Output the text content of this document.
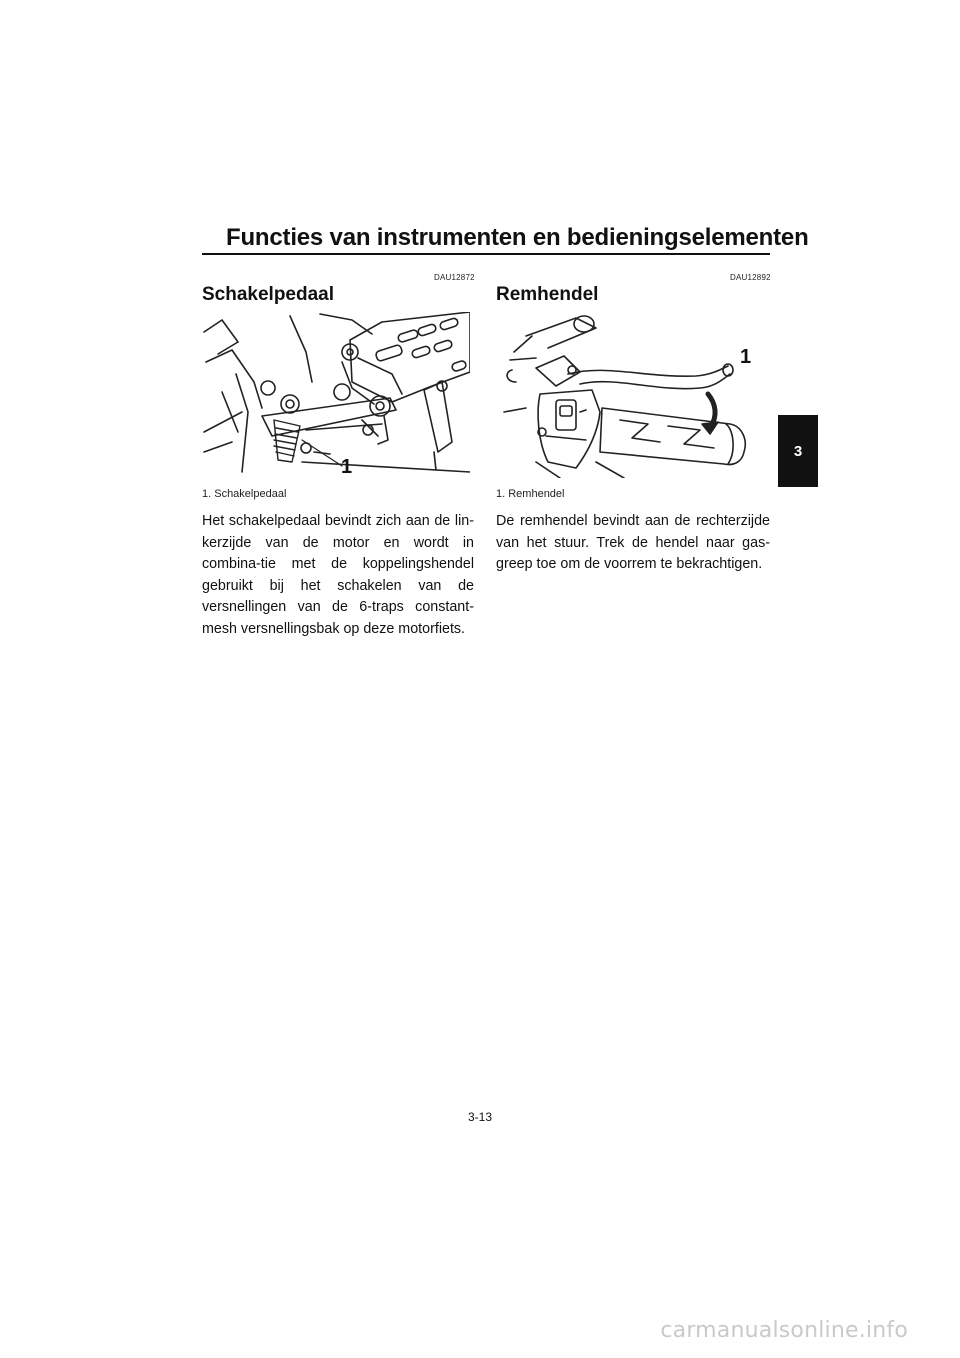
Functies van instrumenten en bedieningselementen
DAU12872
Schakelpedaal
1
1. Schakelpedaal
Het schakelpedaal bevindt zich aan de lin-kerzijde van de motor en wordt in combina-tie met de koppelingshendel gebruikt bij het schakelen van de versnellingen van de 6-traps constant-mesh versnellingsbak op deze motorfiets.
DAU12892
Remhendel
1
1. Remhendel
De remhendel bevindt aan de rechterzijde van het stuur. Trek de hendel naar gas-greep toe om de voorrem te bekrachtigen.
3
3-13
carmanualsonline.info
